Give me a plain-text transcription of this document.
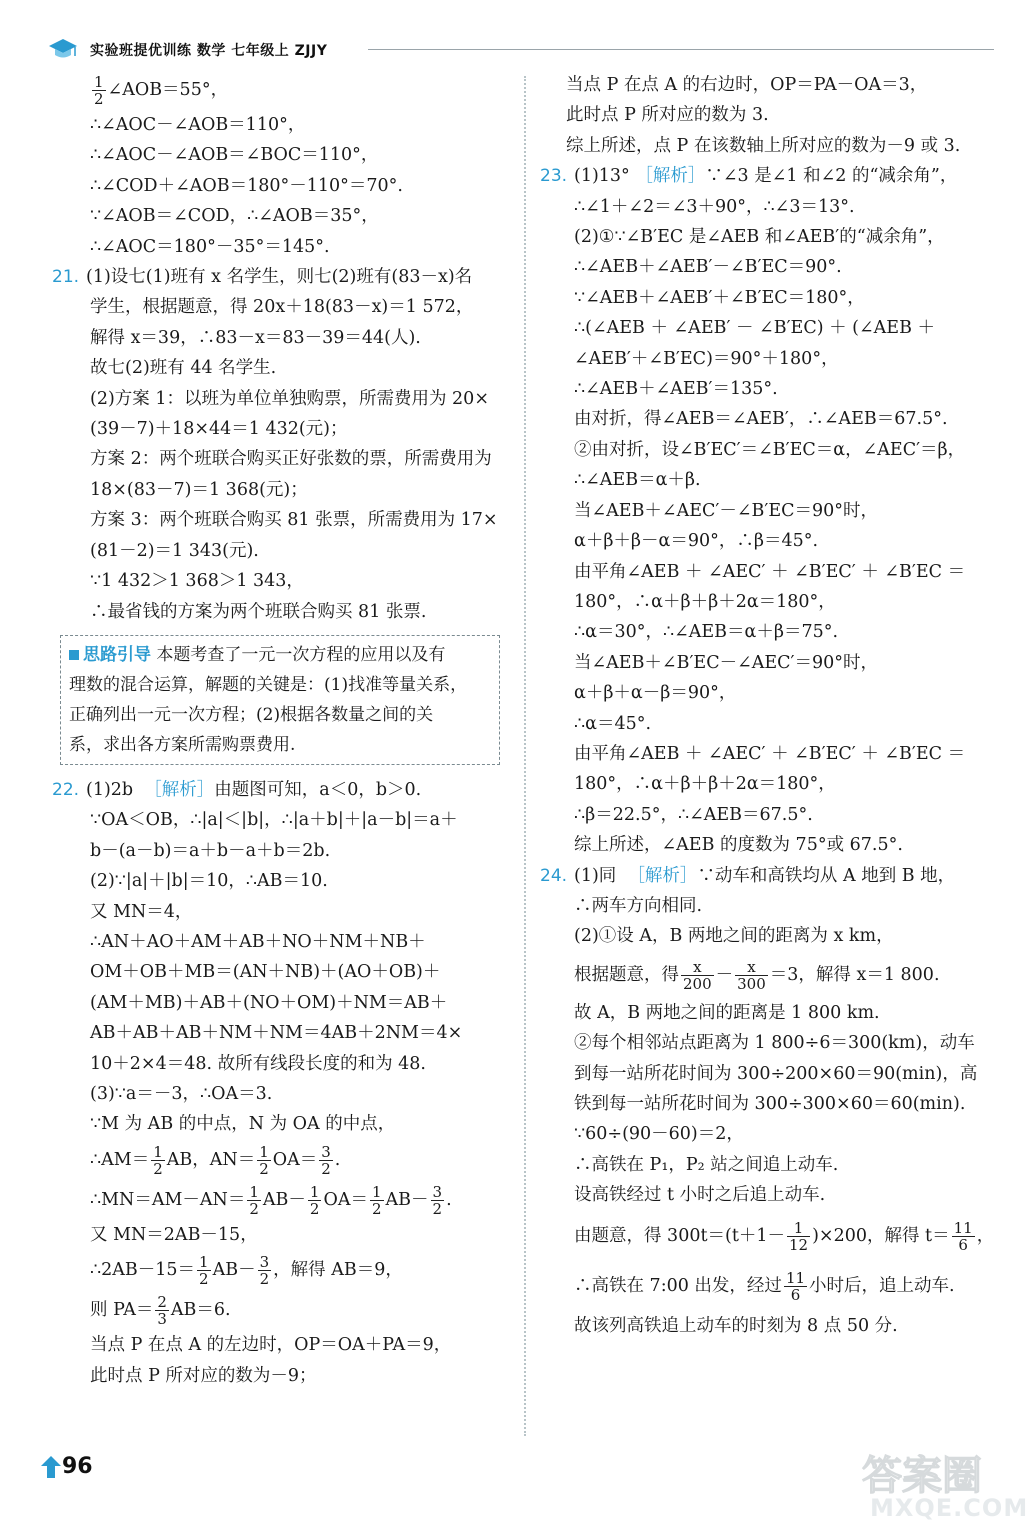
实验班提优训练 数学 七年级上 ZJJY
$\frac{1}{2}$ ∠AOB＝55°，
∴∠AOC－∠AOB＝110°，
∴∠AOC－∠AOB＝∠BOC＝110°，
∴∠COD＋∠AOB＝180°－110°＝70°.
∵∠AOB＝∠COD，∴∠AOB＝35°，
∴∠AOC＝180°－35°＝145°.
21. (1)设七(1)班有 x 名学生，则七(2)班有(83－x)名
学生，根据题意，得 20x＋18(83－x)＝1 572，
解得 x＝39，∴83－x＝83－39＝44(人).
故七(2)班有 44 名学生.
(2)方案 1：以班为单位单独购票，所需费用为 20×
(39－7)＋18×44＝1 432(元)；
方案 2：两个班联合购买正好张数的票，所需费用为
18×(83－7)＝1 368(元)；
方案 3：两个班联合购买 81 张票，所需费用为 17×
(81－2)＝1 343(元).
∵1 432＞1 368＞1 343，
∴最省钱的方案为两个班联合购买 81 张票.
思路引导 本题考查了一元一次方程的应用以及有
理数的混合运算，解题的关键是：(1)找准等量关系，
正确列出一元一次方程；(2)根据各数量之间的关
系，求出各方案所需购票费用.
22. (1)2b ［解析］由题图可知，a＜0，b＞0.
∵OA＜OB，∴|a|＜|b|，∴|a＋b|＋|a－b|＝a＋
b－(a－b)＝a＋b－a＋b＝2b.
(2)∵|a|＋|b|＝10，∴AB＝10.
又 MN＝4，
∴AN＋AO＋AM＋AB＋NO＋NM＋NB＋
OM＋OB＋MB＝(AN＋NB)＋(AO＋OB)＋
(AM＋MB)＋AB＋(NO＋OM)＋NM＝AB＋
AB＋AB＋AB＋NM＋NM＝4AB＋2NM＝4×
10＋2×4＝48. 故所有线段长度的和为 48.
(3)∵a＝－3，∴OA＝3.
∵M 为 AB 的中点，N 为 OA 的中点，
∴AM＝ $\frac{1}{2}$ AB，$AN= \frac{1}{2} OA= \frac{3}{2}$ .
∴MN＝AM－AN＝ $\frac{1}{2} AB- \frac{1}{2} OA= \frac{1}{2} AB- \frac{3}{2}$ .
又 MN＝2AB－15，
∴2AB－15＝ $\frac{1}{2} AB- \frac{3}{2}$ ，解得 AB＝9，
则 $PA= \frac{2}{3} AB=6$.
当点 P 在点 A 的左边时，OP＝OA＋PA＝9，
此时点 P 所对应的数为－9；
当点 P 在点 A 的右边时，OP＝PA－OA＝3，
此时点 P 所对应的数为 3.
综上所述，点 P 在该数轴上所对应的数为－9 或 3.
23. (1)13° ［解析］∵∠3 是∠1 和∠2 的“减余角”，
∴∠1＋∠2＝∠3＋90°，∴∠3＝13°.
(2)①∵∠B′EC 是∠AEB 和∠AEB′的“减余角”，
∴∠AEB＋∠AEB′－∠B′EC＝90°.
∵∠AEB＋∠AEB′＋∠B′EC＝180°，
∴(∠AEB ＋ ∠AEB′ － ∠B′EC) ＋ (∠AEB ＋
∠AEB′＋∠B′EC)＝90°＋180°，
∴∠AEB＋∠AEB′＝135°.
由对折，得∠AEB＝∠AEB′，∴∠AEB＝67.5°.
②由对折，设∠B′EC′＝∠B′EC＝α，∠AEC′＝β，
∴∠AEB＝α＋β.
当∠AEB＋∠AEC′－∠B′EC＝90°时，
α＋β＋β－α＝90°，∴β＝45°.
由平角∠AEB ＋ ∠AEC′ ＋ ∠B′EC′ ＋ ∠B′EC ＝
180°，∴α＋β＋β＋2α＝180°，
∴α＝30°，∴∠AEB＝α＋β＝75°.
当∠AEB＋∠B′EC－∠AEC′＝90°时，
α＋β＋α－β＝90°，
∴α＝45°.
由平角∠AEB ＋ ∠AEC′ ＋ ∠B′EC′ ＋ ∠B′EC ＝
180°，∴α＋β＋β＋2α＝180°，
∴β＝22.5°，∴∠AEB＝67.5°.
综上所述，∠AEB 的度数为 75°或 67.5°.
24. (1)同 ［解析］∵动车和高铁均从 A 地到 B 地，
∴两车方向相同.
(2)①设 A，B 两地之间的距离为 x km，
根据题意，得 $\frac{x}{200} - \frac{x}{300} =3$，解得 x＝1 800.
故 A，B 两地之间的距离是 1 800 km.
②每个相邻站点距离为 1 800÷6＝300(km)，动车
到每一站所花时间为 300÷200×60＝90(min)，高
铁到每一站所花时间为 300÷300×60＝60(min).
∵60÷(90－60)＝2，
∴高铁在 P₁，P₂ 站之间追上动车.
设高铁经过 t 小时之后追上动车.
由题意，得 $300t=(t+1- \frac{1}{12} )\times 200$，解得 $t= \frac{11}{6}$ ，
∴高铁在 7:00 出发，经过 $\frac{11}{6}$ 小时后，追上动车.
故该列高铁追上动车的时刻为 8 点 50 分.
96	答案圈
MXQE.COM
